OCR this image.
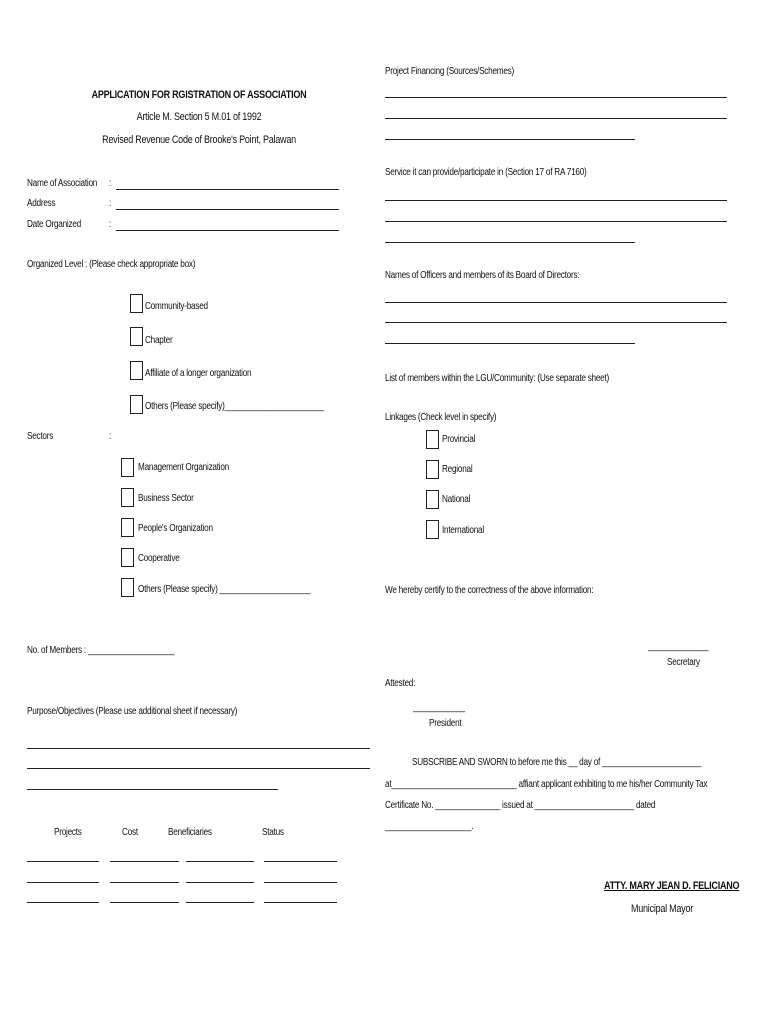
APPLICATION FOR RGISTRATION OF ASSOCIATION
Article M. Section 5 M.01 of 1992
Revised Revenue Code of Brooke's Point, Palawan
Name of Association :
Address	:
Date Organized	:
Organized Level : (Please check appropriate box)
Community-based
Chapter
Affiliate of a longer organization
Others (Please specify)_______________________
Sectors	:
Management Organization
Business Sector
People's Organization
Cooperative
Others (Please specify) _____________________
No. of Members : ____________________
Purpose/Objectives (Please use additional sheet if necessary)
Projects	Cost	Beneficiaries	Status
Project Financing (Sources/Schemes)
Service it can provide/participate in (Section 17 of RA 7160)
Names of Officers and members of its Board of Directors:
List of members within the LGU/Community: (Use separate sheet)
Linkages (Check level in specify)
Provincial
Regional
National
International
We hereby certify to the correctness of the above information:
______________
Secretary
Attested:
____________
President
SUBSCRIBE AND SWORN to before me this __ day of _______________________
at_____________________________ affiant applicant exhibiting to me his/her Community Tax
Certificate No. _______________ issued at _______________________ dated
____________________.
ATTY. MARY JEAN D. FELICIANO
Municipal Mayor
